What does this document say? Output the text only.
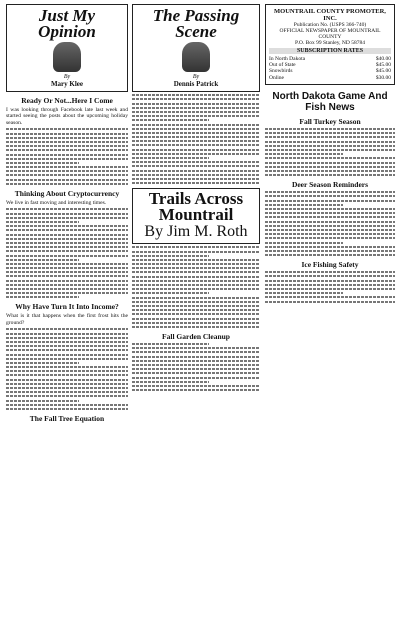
Just My Opinion
By
Mary Klee
Ready Or Not...Here I Come

I was looking through Facebook late last week and started seeing the posts about the upcoming holiday season.

Thinking About Cryptocurrency

We live in fast moving and interesting times.

Why Have Turn It Into Income?

What is it that happens when the first frost hits the ground?

The Fall Tree Equation
The Passing Scene
By
Dennis Patrick
Trails Across Mountrail
By Jim M. Roth
Fall Garden Cleanup
MOUNTRAIL COUNTY PROMOTER, INC.
Publication No. (USPS 366-740)
OFFICIAL NEWSPAPER OF MOUNTRAIL COUNTY
P.O. Box 99 Stanley, ND 58784
SUBSCRIPTION RATES
In North Dakota	$40.00
Out of State	$45.00
Snowbirds	$45.00
Online	$30.00
North Dakota Game And Fish News
Fall Turkey Season
Deer Season Reminders
Ice Fishing Safety
